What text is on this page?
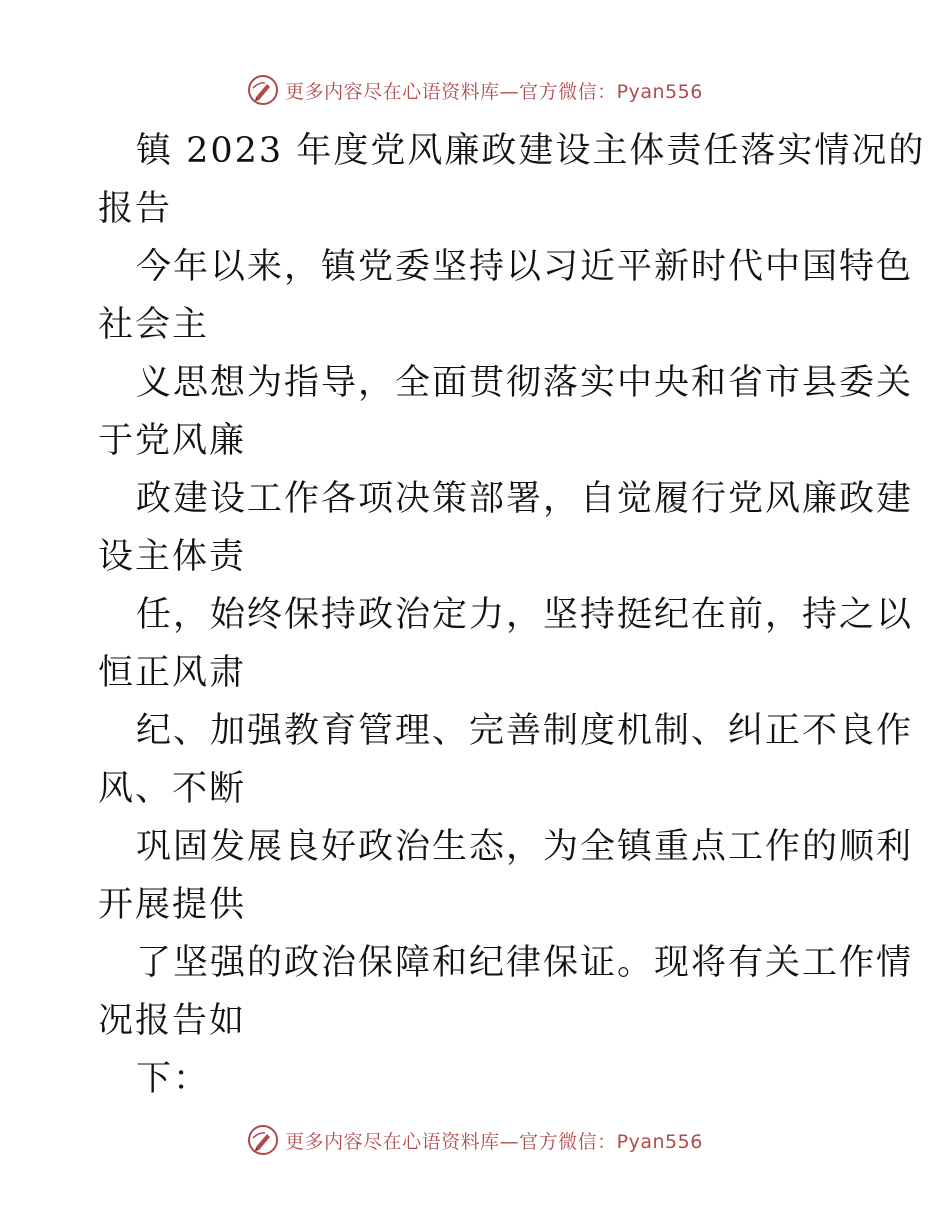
更多内容尽在心语资料库—官方微信：Pyan556
镇 2023 年度党风廉政建设主体责任落实情况的
报告
今年以来，镇党委坚持以习近平新时代中国特色
社会主
义思想为指导，全面贯彻落实中央和省市县委关
于党风廉
政建设工作各项决策部署，自觉履行党风廉政建
设主体责
任，始终保持政治定力，坚持挺纪在前，持之以
恒正风肃
纪、加强教育管理、完善制度机制、纠正不良作
风、不断
巩固发展良好政治生态，为全镇重点工作的顺利
开展提供
了坚强的政治保障和纪律保证。现将有关工作情
况报告如
下：
更多内容尽在心语资料库—官方微信：Pyan556
